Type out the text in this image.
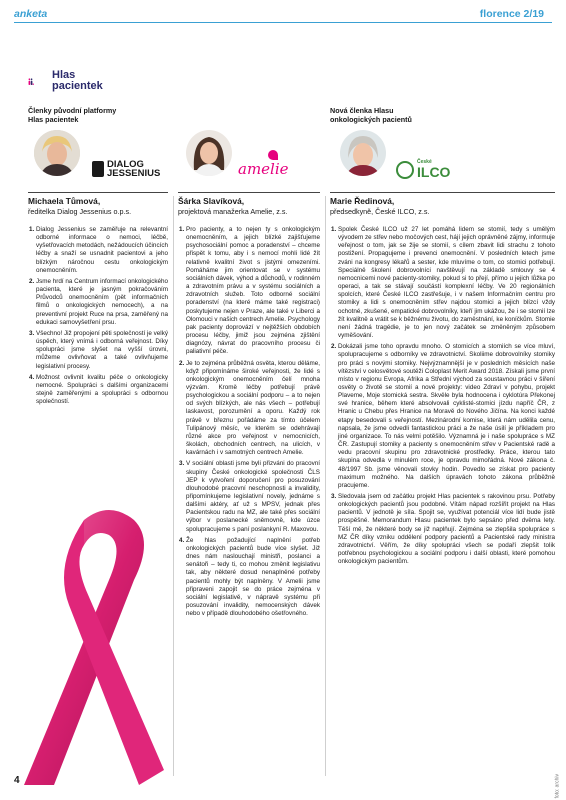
anketa	florence 2/19
Hlas
pacientek
Členky původní platformy
Hlas pacientek
Nová členka Hlasu
onkologických pacientů
DIALOG
JESSENIUS	amelie	České
ILCO
Michaela Tůmová,
ředitelka Dialog Jessenius o.p.s.
Šárka Slavíková,
projektová manažerka Amelie, z.s.
Marie Ředinová,
předsedkyně, České ILCO, z.s.
1. Dialog Jessenius se zaměřuje na relevantní odborné informace o nemoci, léčbě, vyšetřovacích metodách, nežádoucích účincích léčby a snaží se usnadnit pacientovi a jeho blízkým náročnou cestu onkologickým onemocněním.
2. Jsme hrdí na Centrum informací onkologického pacienta, které je jasným pokračováním Průvodců onemocněním (pět informačních filmů o onkologických nemocech), a na preventivní projekt Ruce na prsa, zaměřený na edukaci samovyšetření prsu.
3. Všechno! Již propojení pěti společností je velký úspěch, který vnímá i odborná veřejnost. Díky spolupráci jsme slyšet na vyšší úrovni, můžeme ovlivňovat a také ovlivňujeme legislativní procesy.
4. Možnost ovlivnit kvalitu péče o onkologicky nemocné. Spolupráci s dalšími organizacemi stejně zaměřenými a spolupráci s odbornou společností.
1. Pro pacienty, a to nejen ty s onkologickým onemocněním, a jejich blízké zajišťujeme psychosociální pomoc a poradenství – chceme přispět k tomu, aby i s nemocí mohli lidé žít relativně kvalitní život s jistými omezeními. Pomáháme jim orientovat se v systému sociálních dávek, výhod a důchodů, v rodinném a zdravotním právu a v systému sociálních a zdravotních služeb. Toto odborné sociální poradenství (na které máme také registraci) poskytujeme nejen v Praze, ale také v Liberci a Olomouci v našich centrech Amelie. Psychology pak pacienty doprovází v nejtěžších obdobích procesu léčby, jimiž jsou zejména zjištění diagnózy, návrat do pracovního procesu či paliativní péče.
2. Je to zejména průběžná osvěta, kterou děláme, když připomínáme široké veřejnosti, že lidé s onkologickým onemocněním čelí mnoha výzvám. Kromě léčby potřebují právě psychologickou a sociální podporu – a to nejen od svých blízkých, ale nás všech – potřebují laskavost, porozumění a oporu. Každý rok právě v březnu pořádáme za tímto účelem Tulipánový měsíc, ve kterém se odehrávají různé akce pro veřejnost v nemocnicích, školách, obchodních centrech, na ulicích, v kavárnách i v samotných centrech Amelie.
3. V sociální oblasti jsme byli přizváni do pracovní skupiny České onkologické společnosti ČLS JEP k vytvoření doporučení pro posuzování dlouhodobé pracovní neschopnosti a invalidity, připomínkujeme legislativní novely, jednáme s dalšími aktéry, ať už s MPSV, jednak přes Pacientskou radu na MZ, ale také přes sociální výbor v poslanecké sněmovně, kde úzce spolupracujeme s paní poslankyní R. Maxovou.
4. Že hlas požadující naplnění potřeb onkologických pacientů bude více slyšet. Již dnes nám naslouchají ministři, poslanci a senátoři – tedy ti, co mohou změnit legislativu tak, aby některé dosud nenaplněné potřeby pacientů mohly být naplněny. V Amelii jsme připraveni zapojit se do práce zejména v sociální legislativě, v nápravě systému při posuzování invalidity, nemocenských dávek nebo v případě dlouhodobého ošetřovného.
1. Spolek České ILCO už 27 let pomáhá lidem se stomií, tedy s umělým vývodem ze střev nebo močových cest, hájí jejich oprávněné zájmy, informuje veřejnost o tom, jak se žije se stomií, s cílem zbavit lidi strachu z tohoto postižení. Propagujeme i prevenci onemocnění. V posledních letech jsme zváni na kongresy lékařů a sester, kde mluvíme o tom, co stomici potřebují. Speciálně školení dobrovolníci navštěvují na základě smlouvy se 4 nemocnicemi nové pacienty-stomiky, pokud si to přejí, přímo u jejich lůžka po operaci, a tak se stávají součástí komplexní léčby. Ve 20 regionálních spolcích, které České ILCO zastřešuje, i v našem Informačním centru pro stomiky a lidi s onemocněním střev najdou stomici a jejich blízcí vždy ochotné, zkušené, empatické dobrovolníky, kteří jim ukážou, že i se stomií lze žít kvalitně a vrátit se k běžnému životu, do zaměstnání, ke koníčkům. Stomie není žádná tragédie, je to jen nový začátek se změněným způsobem vyměšování.
2. Dokázali jsme toho opravdu mnoho. O stomicích a stomiích se více mluví, spolupracujeme s odborníky ve zdravotnictví. Skoliime dobrovolníky stomiky pro práci s novými stomiky. Nejvýznamnější je v posledních měsících naše vítězství v celosvětové soutěži Coloplast Merit Award 2018. Získali jsme první místo v regionu Evropa, Afrika a Střední východ za soustavnou práci v šíření osvěty o životě se stomií a nové projekty: video Zdraví v pohybu, projekt Plaveme, Moje stomická sestra. Skvěle byla hodnocena i cyklotúra Překonej své hranice, během které absolvovali cyklisté-stomici jízdu napříč ČR, z Hranic u Chebu přes Hranice na Moravě do Nového Jičína. Na konci každé etapy besedovali s veřejností. Mezinárodní komise, která nám udělila cenu, napsala, že jsme odvedli fantastickou práci a že naše úsilí je příkladem pro jiné organizace. To nás velmi potěšilo. Významná je i naše spolupráce s MZ ČR. Zastupují stomiky a pacienty s onemocněním střev v Pacientské radě a vedu pracovní skupinu pro zdravotnické prostředky. Práce, kterou tato skupina odvedla v minulém roce, je opravdu mimořádná. Nové zákona č. 48/1997 Sb. jsme věnovali stovky hodin. Povedlo se získat pro pacienty maximum možného. Na dalších úpravách tohoto zákona průběžně pracujeme.
3. Sledovala jsem od začátku projekt Hlas pacientek s rakovinou prsu. Potřeby onkologických pacientů jsou podobné. Vítám nápad rozšířit projekt na Hlas pacientů. V jednotě je síla. Spojit se, využívat potenciál více lidí bude jistě prospěšné. Memorandum Hlasu pacientek bylo sepsáno před dvěma lety. Těší mě, že některé body se již naplňují. Zejména se zlepšila spolupráce s MZ ČR díky vzniku oddělení podpory pacientů a Pacientské rady ministra zdravotnictví. Věřím, že díky spolupráci všech se podaří zlepšit tolik potřebnou psychologickou a sociální podporu i další oblasti, které pomohou onkologickým pacientům.
4	foto: archiv
